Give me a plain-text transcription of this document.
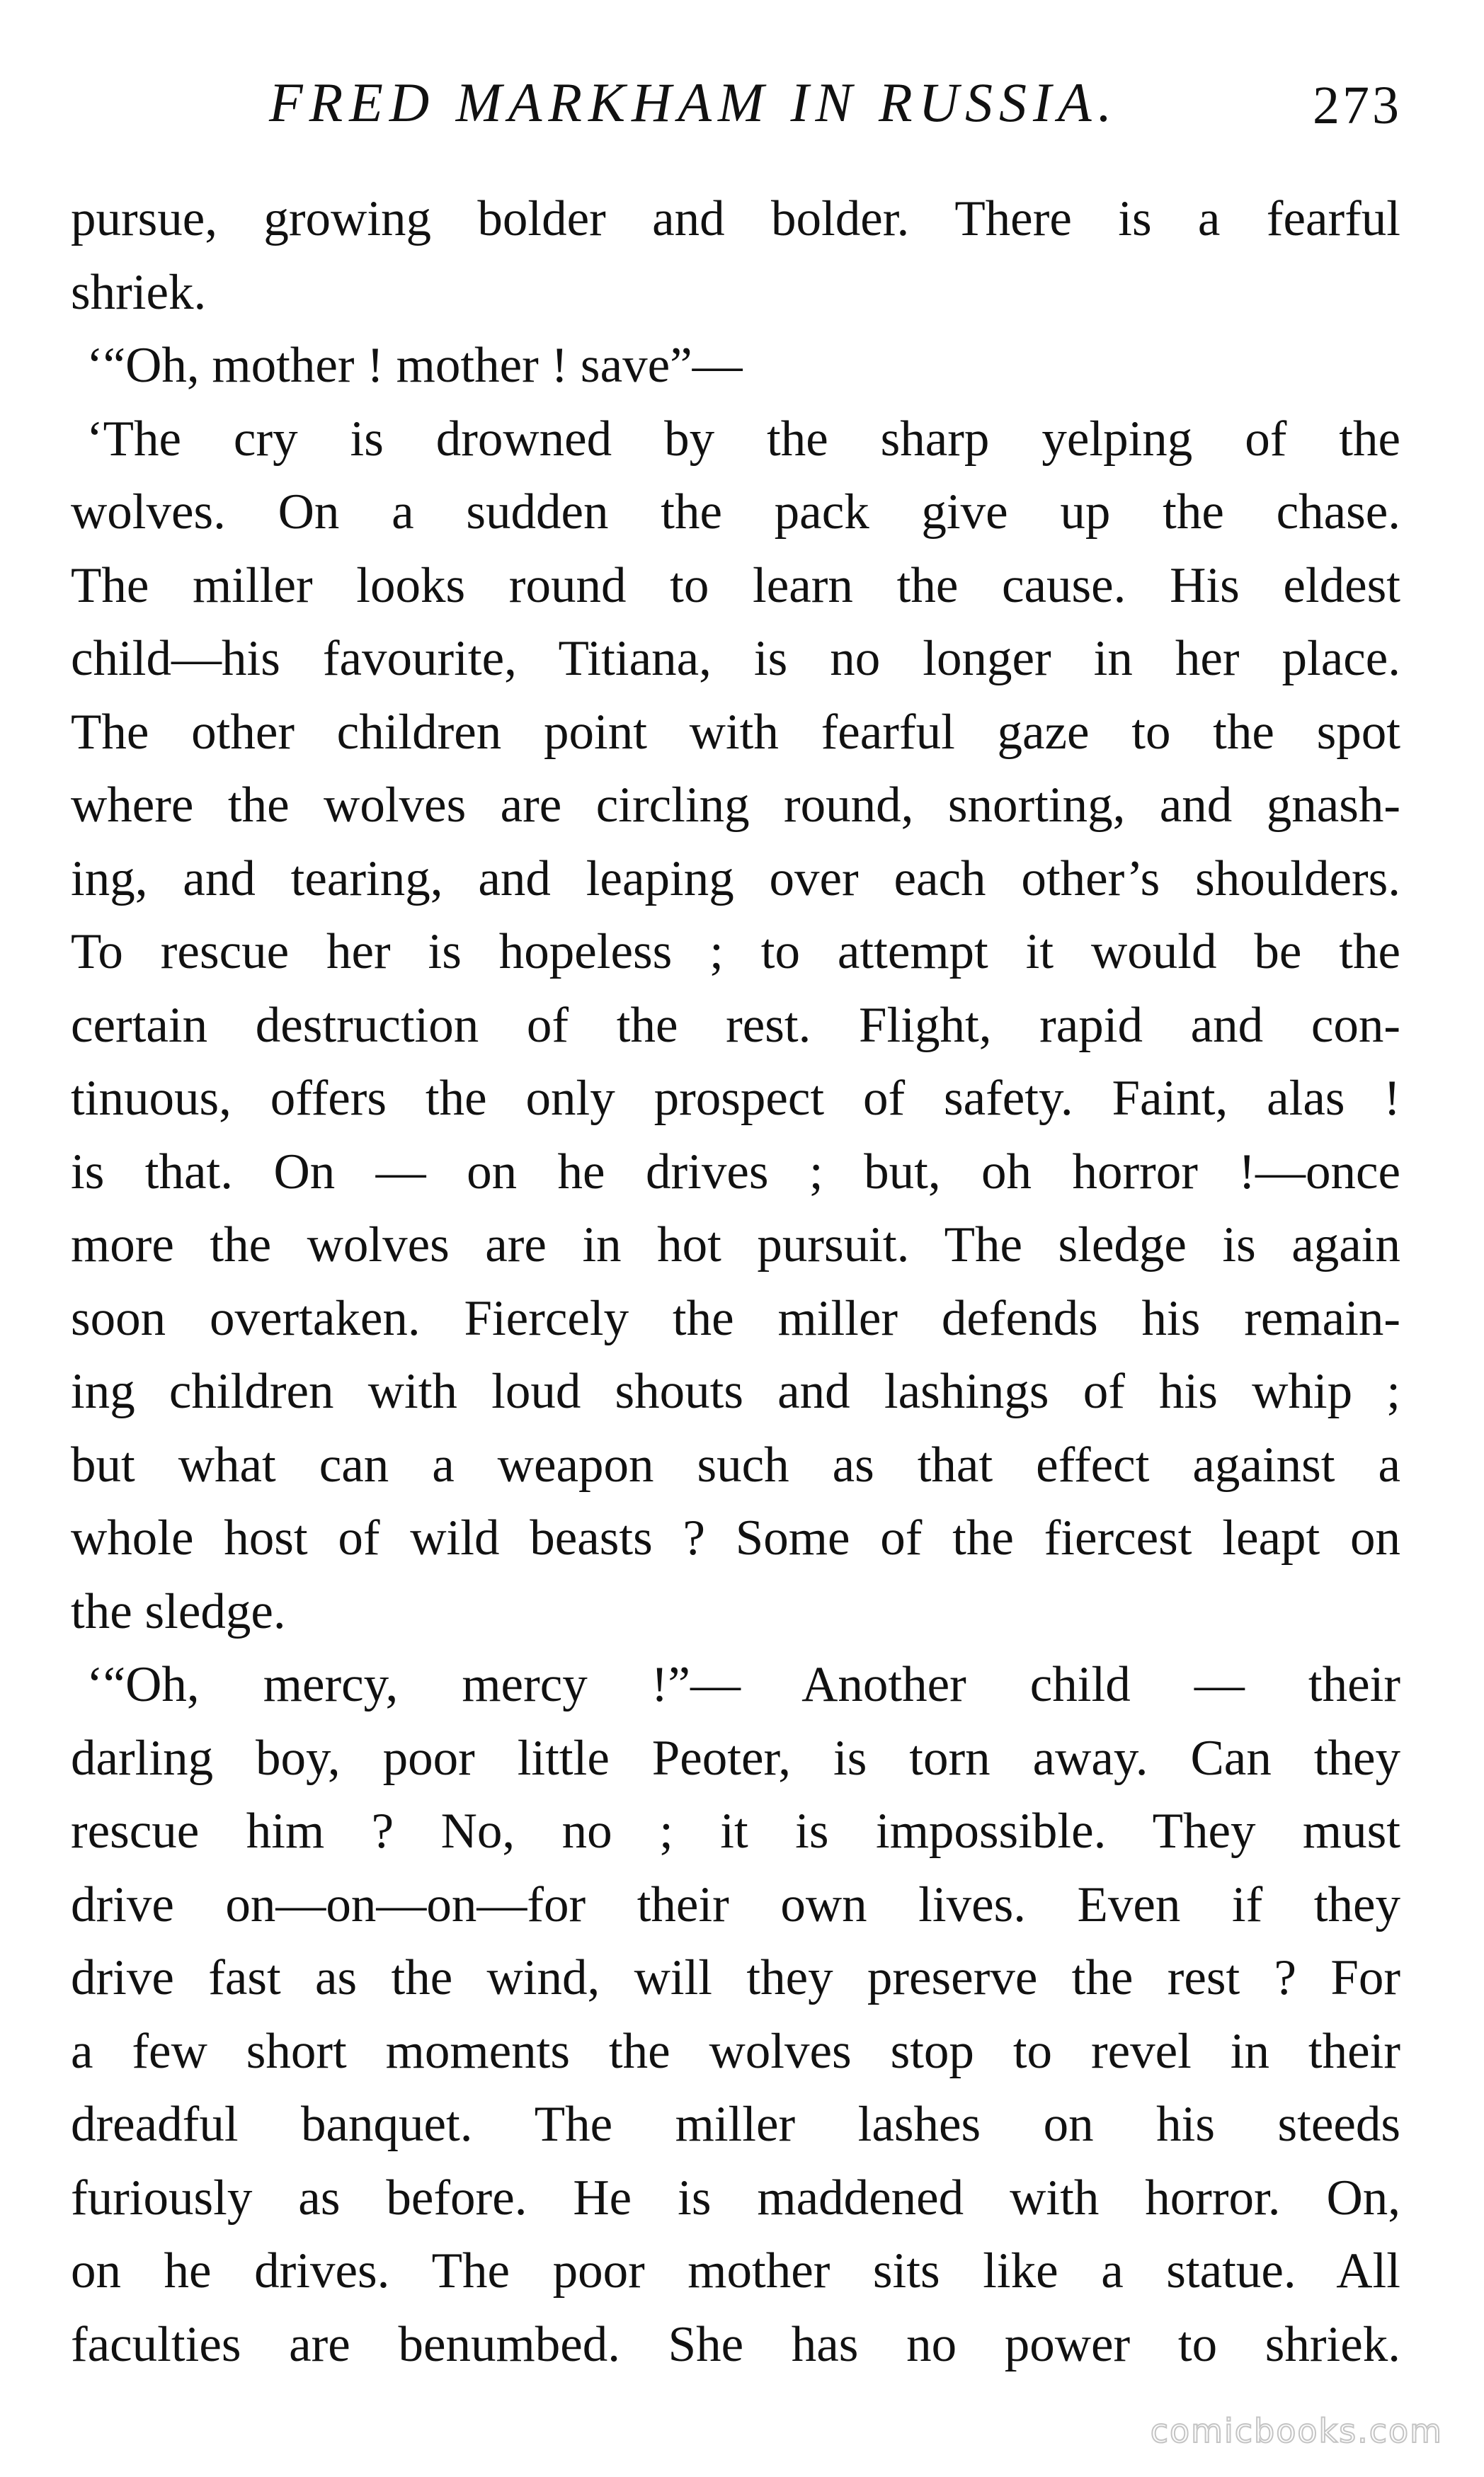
FRED MARKHAM IN RUSSIA.	273
pursue, growing bolder and bolder. There is a fearful
shriek.
‘“Oh, mother ! mother ! save”—
‘The cry is drowned by the sharp yelping of the
wolves. On a sudden the pack give up the chase.
The miller looks round to learn the cause. His eldest
child—his favourite, Titiana, is no longer in her place.
The other children point with fearful gaze to the spot
where the wolves are circling round, snorting, and gnash-
ing, and tearing, and leaping over each other’s shoulders.
To rescue her is hopeless ; to attempt it would be the
certain destruction of the rest. Flight, rapid and con-
tinuous, offers the only prospect of safety. Faint, alas !
is that. On — on he drives ; but, oh horror !—once
more the wolves are in hot pursuit. The sledge is again
soon overtaken. Fiercely the miller defends his remain-
ing children with loud shouts and lashings of his whip ;
but what can a weapon such as that effect against a
whole host of wild beasts ? Some of the fiercest leapt on
the sledge.
‘“Oh, mercy, mercy !”— Another child — their
darling boy, poor little Peoter, is torn away. Can they
rescue him ? No, no ; it is impossible. They must
drive on—on—on—for their own lives. Even if they
drive fast as the wind, will they preserve the rest ? For
a few short moments the wolves stop to revel in their
dreadful banquet. The miller lashes on his steeds
furiously as before. He is maddened with horror. On,
on he drives. The poor mother sits like a statue. All
faculties are benumbed. She has no power to shriek.
comicbooks.com
